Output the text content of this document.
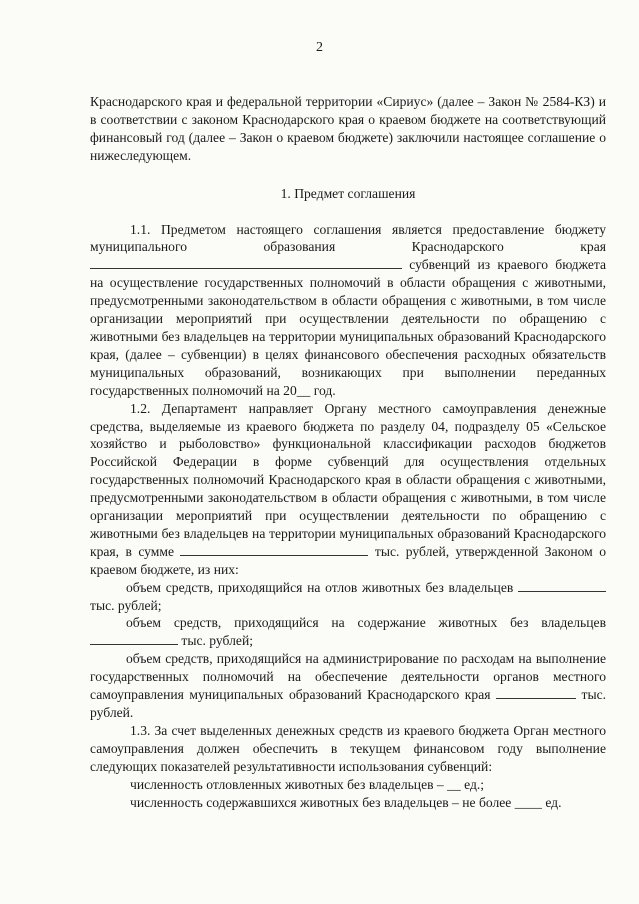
2

Краснодарского края и федеральной территории «Сириус» (далее – Закон № 2584-КЗ) и в соответствии с законом Краснодарского края о краевом бюджете на соответствующий финансовый год (далее – Закон о краевом бюджете) заключили настоящее соглашение о нижеследующем.

1. Предмет соглашения

1.1. Предметом настоящего соглашения является предоставление бюджету муниципального образования Краснодарского края  субвенций из краевого бюджета на осуществление государственных полномочий в области обращения с животными, предусмотренными законодательством в области обращения с животными, в том числе организации мероприятий при осуществлении деятельности по обращению с животными без владельцев на территории муниципальных образований Краснодарского края, (далее – субвенции) в целях финансового обеспечения расходных обязательств муниципальных образований, возникающих при выполнении переданных государственных полномочий на 20__ год.

1.2. Департамент направляет Органу местного самоуправления денежные средства, выделяемые из краевого бюджета по разделу 04, подразделу 05 «Сельское хозяйство и рыболовство» функциональной классификации расходов бюджетов Российской Федерации в форме субвенций для осуществления отдельных государственных полномочий Краснодарского края в области обращения с животными, предусмотренными законодательством в области обращения с животными, в том числе организации мероприятий при осуществлении деятельности по обращению с животными без владельцев на территории муниципальных образований Краснодарского края, в сумме	тыс. рублей, утвержденной Законом о краевом бюджете, из них:

объем средств, приходящийся на отлов животных без владельцев  тыс. рублей;

объем средств, приходящийся на содержание животных без владельцев  тыс. рублей;

объем средств, приходящийся на администрирование по расходам на выполнение государственных полномочий на обеспечение деятельности органов местного самоуправления муниципальных образований Краснодарского края	тыс. рублей.

1.3. За счет выделенных денежных средств из краевого бюджета Орган местного самоуправления должен обеспечить в текущем финансовом году выполнение следующих показателей результативности использования субвенций:

численность отловленных животных без владельцев – __ ед.;

численность содержавшихся животных без владельцев – не более ____ ед.
